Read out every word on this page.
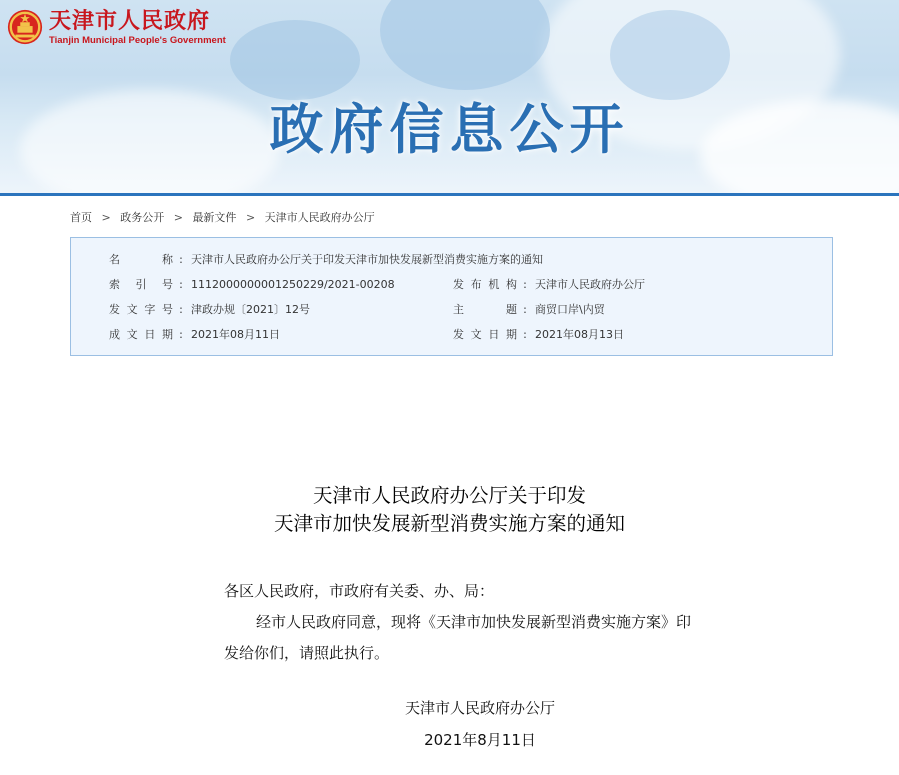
天津市人民政府
Tianjin Municipal People's Government
政府信息公开
首页 > 政务公开 > 最新文件 > 天津市人民政府办公厅
名称 : 天津市人民政府办公厅关于印发天津市加快发展新型消费实施方案的通知
索引号 : 1112000000001250229/2021-00208	发布机构 : 天津市人民政府办公厅
发文字号 : 津政办规〔2021〕12号	主题 : 商贸口岸\内贸
成文日期 : 2021年08月11日	发文日期 : 2021年08月13日
天津市人民政府办公厅关于印发
天津市加快发展新型消费实施方案的通知

各区人民政府，市政府有关委、办、局：

经市人民政府同意，现将《天津市加快发展新型消费实施方案》印发给你们，请照此执行。

天津市人民政府办公厅
2021年8月11日
